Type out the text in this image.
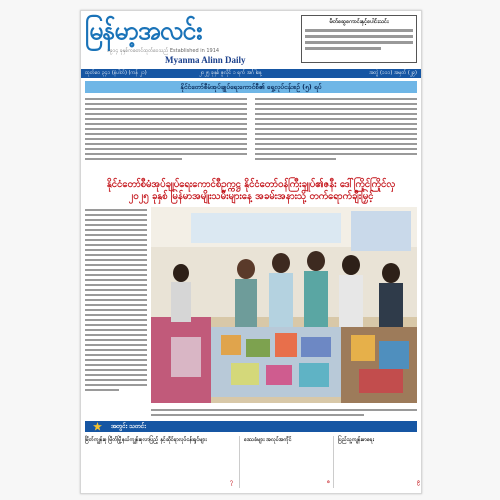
မြန်မာ့အလင်း
၁၉၁၄ ခုနှစ်ကစတင်ထုတ်ဝေသည် Established in 1914
Myanma Alinn Daily
မိတ်ဆွေကောင်းနှင့်ပေါင်းသင်း
ထုတ်ဝေ ၃၄၁ (နံပါတ်) (ကန် ၂၁)	၂၀၂၅ ခုနှစ် ဇူလိုင် ၁ ရက် အင်္ဂါနေ့	အတွဲ (၁၁၁) အမှတ် (၂၉)
နိုင်ငံတော်စီမံအုပ်ချုပ်ရေးကောင်စီ၏ ရှေ့လုပ်ငန်းစဉ် (၅) ရပ်
နိုင်ငံတော်စီမံအုပ်ချုပ်ရေးကောင်စီဥက္ကဋ္ဌ နိုင်ငံတော်ဝန်ကြီးချုပ်၏ဇနီး ဒေါ်ကြိုင်ကြိုင်လှ
၂၀၂၅ ခုနှစ် မြန်မာအမျိုးသမီးများနေ့ အခမ်းအနားသို့ တက်ရောက်ချီးမြှင့်
အတွင်း သတင်း
မြိတ်ကျွန်းစု မြိတ်မြို့နယ်ကျွန်းစုလာပြည့် နှင့်ဆိုင်ရာလုပ်ငန်းရှင်များ
၇
ဒေသခံများ အလုပ်အကိုင်
၈
ပြည်သူ့ကျန်းမာရေး
၉
